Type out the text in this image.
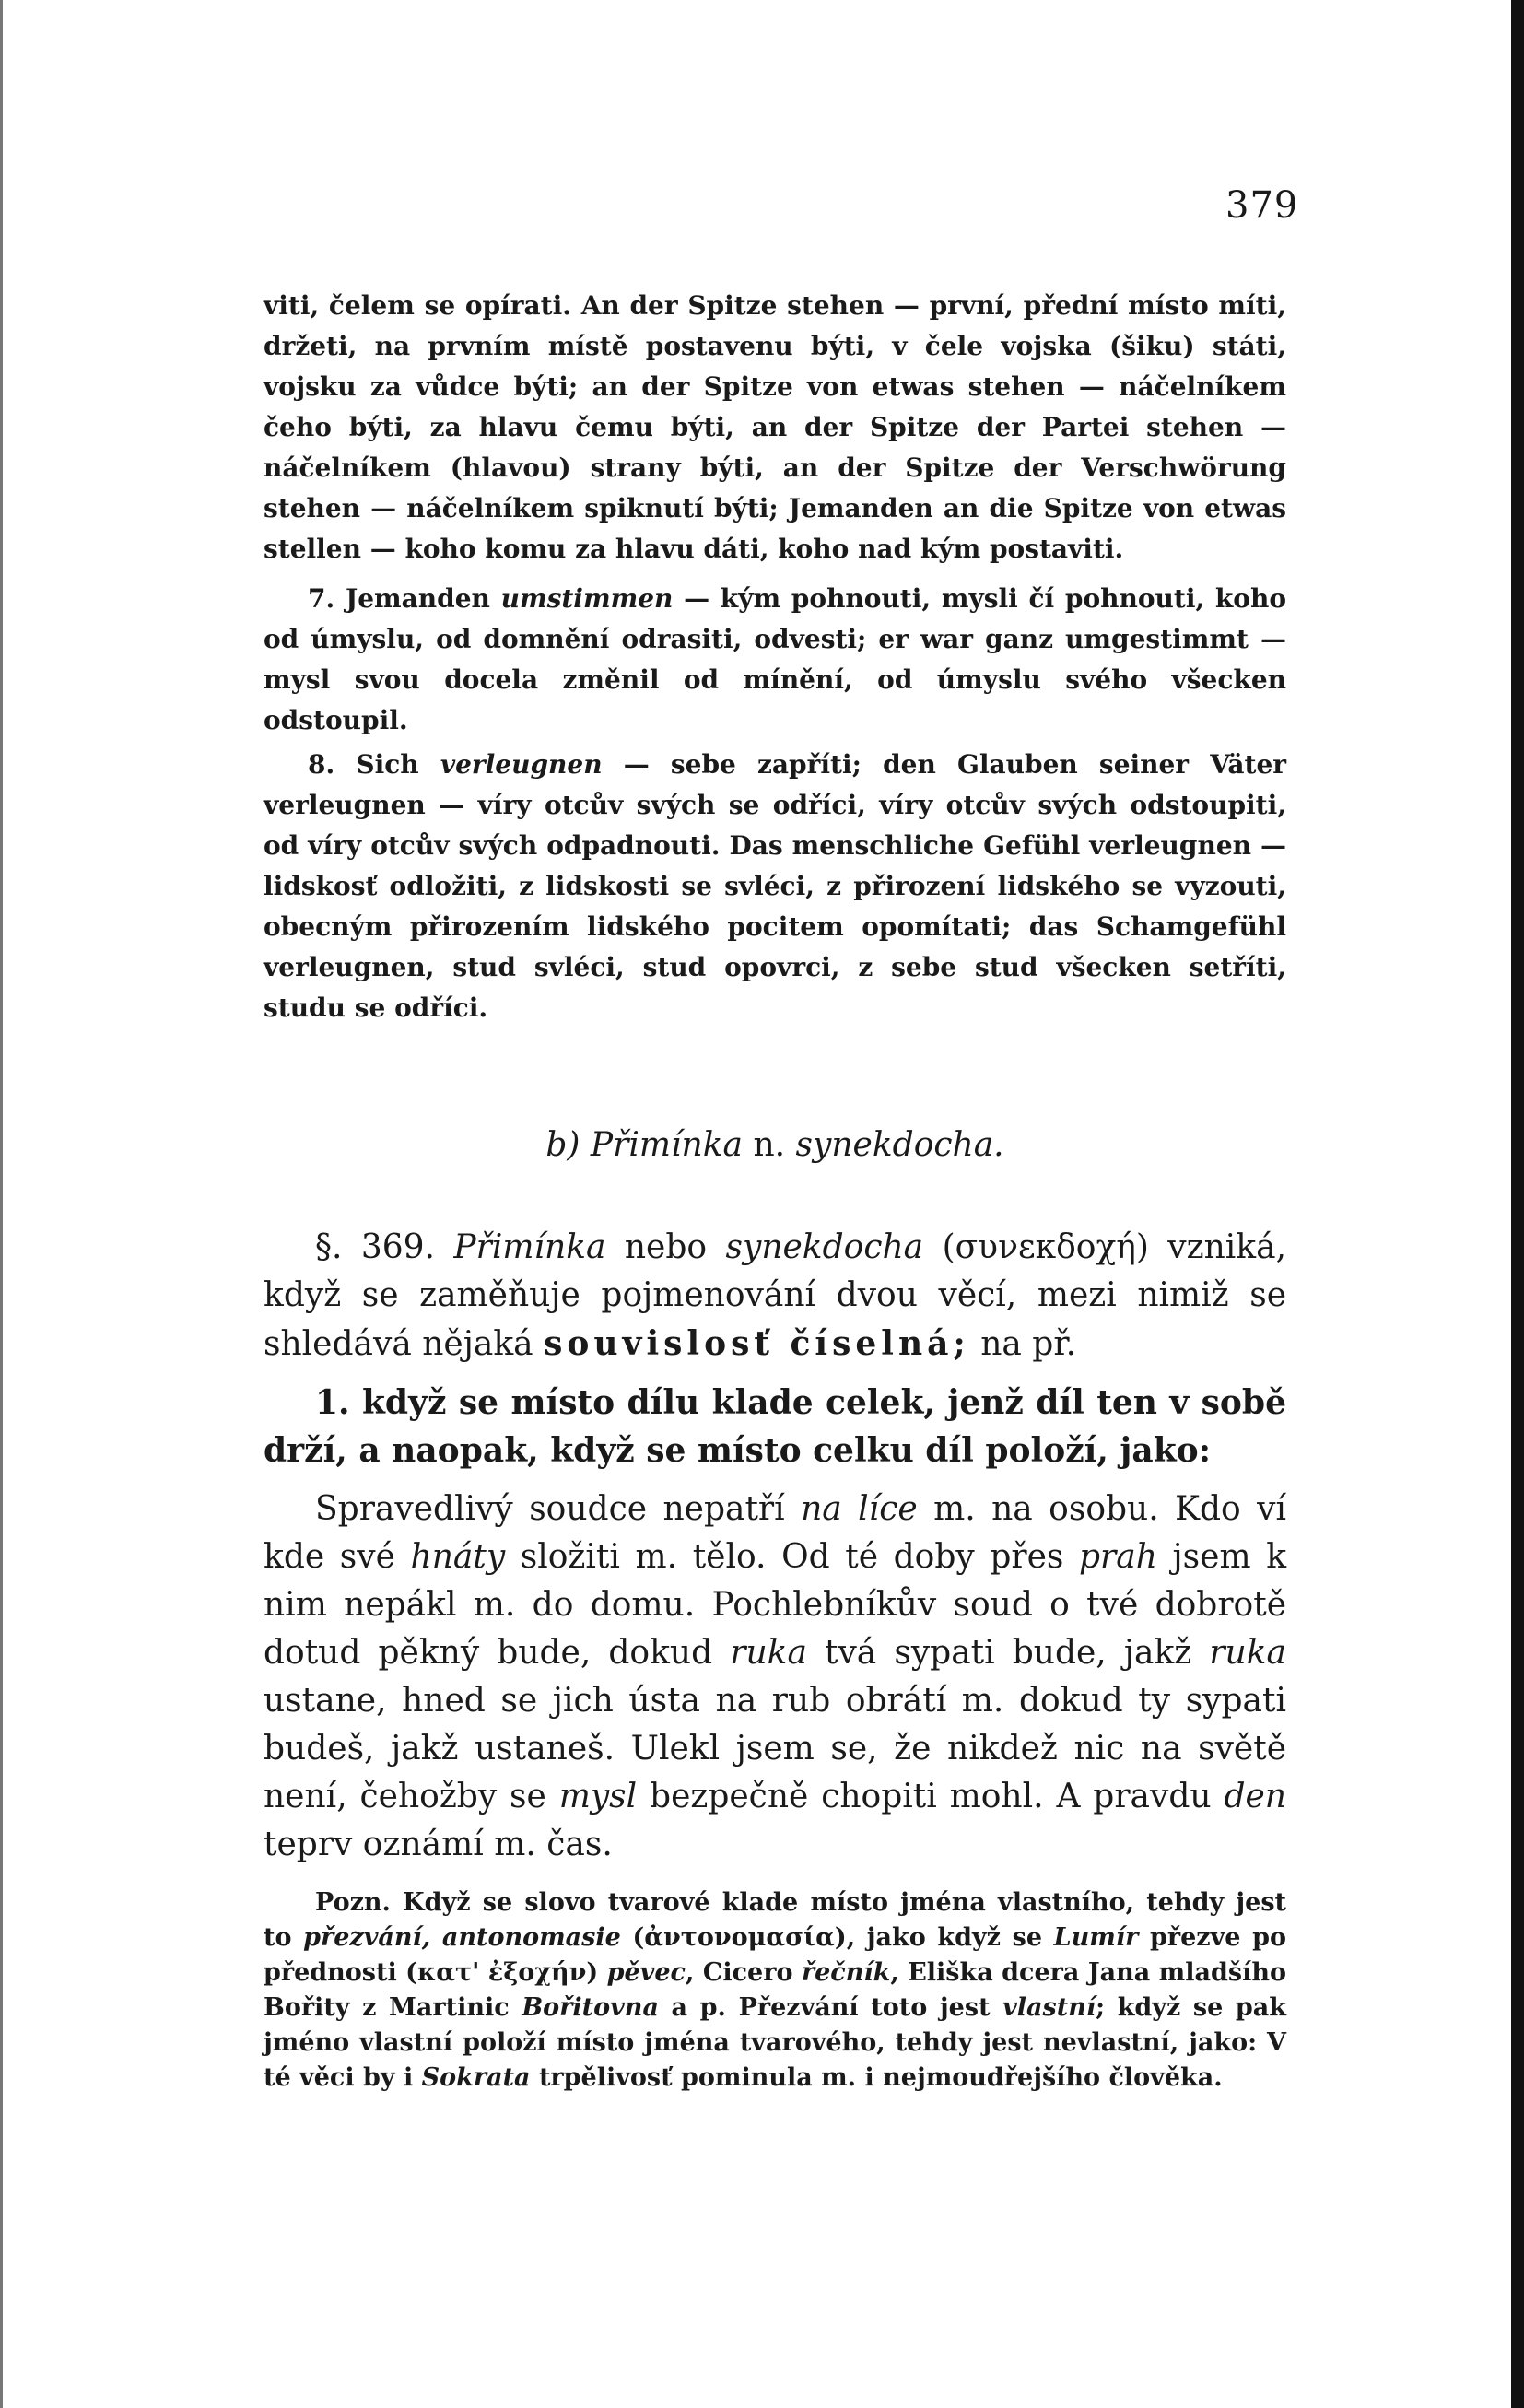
379

viti, čelem se opírati. An der Spitze stehen — první, přední místo míti, držeti, na prvním místě postavenu býti, v čele vojska (šiku) státi, vojsku za vůdce býti; an der Spitze von etwas stehen — náčelníkem čeho býti, za hlavu čemu býti, an der Spitze der Partei stehen — náčelníkem (hlavou) strany býti, an der Spitze der Verschwörung stehen — náčelníkem spiknutí býti; Jemanden an die Spitze von etwas stellen — koho komu za hlavu dáti, koho nad kým postaviti.

7. Jemanden umstimmen — kým pohnouti, mysli čí pohnouti, koho od úmyslu, od domnění odrasiti, odvesti; er war ganz umgestimmt — mysl svou docela změnil od mínění, od úmyslu svého všecken odstoupil.

8. Sich verleugnen — sebe zapříti; den Glauben seiner Väter verleugnen — víry otcův svých se odříci, víry otcův svých odstoupiti, od víry otcův svých odpadnouti. Das menschliche Gefühl verleugnen — lidskosť odložiti, z lidskosti se svléci, z přirození lidského se vyzouti, obecným přirozením lidského pocitem opomítati; das Schamgefühl verleugnen, stud svléci, stud opovrci, z sebe stud všecken setříti, studu se odříci.

b) Přimínka n. synekdocha.

§. 369. Přimínka nebo synekdocha (συνεκδοχή) vzniká, když se zaměňuje pojmenování dvou věcí, mezi nimiž se shledává nějaká souvislosť číselná; na př.

1. když se místo dílu klade celek, jenž díl ten v sobě drží, a naopak, když se místo celku díl položí, jako:

Spravedlivý soudce nepatří na líce m. na osobu. Kdo ví kde své hnáty složiti m. tělo. Od té doby přes prah jsem k nim nepákl m. do domu. Pochlebníkův soud o tvé dobrotě dotud pěkný bude, dokud ruka tvá sypati bude, jakž ruka ustane, hned se jich ústa na rub obrátí m. dokud ty sypati budeš, jakž ustaneš. Ulekl jsem se, že nikdež nic na světě není, čehožby se mysl bezpečně chopiti mohl. A pravdu den teprv oznámí m. čas.

Pozn. Když se slovo tvarové klade místo jména vlastního, tehdy jest to přezvání, antonomasie (ἀντονομασία), jako když se Lumír přezve po přednosti (κατ' ἐξοχήν) pěvec, Cicero řečník, Eliška dcera Jana mladšího Bořity z Martinic Bořitovna a p. Přezvání toto jest vlastní; když se pak jméno vlastní položí místo jména tvarového, tehdy jest nevlastní, jako: V té věci by i Sokrata trpělivosť pominula m. i nejmoudřejšího člověka.
